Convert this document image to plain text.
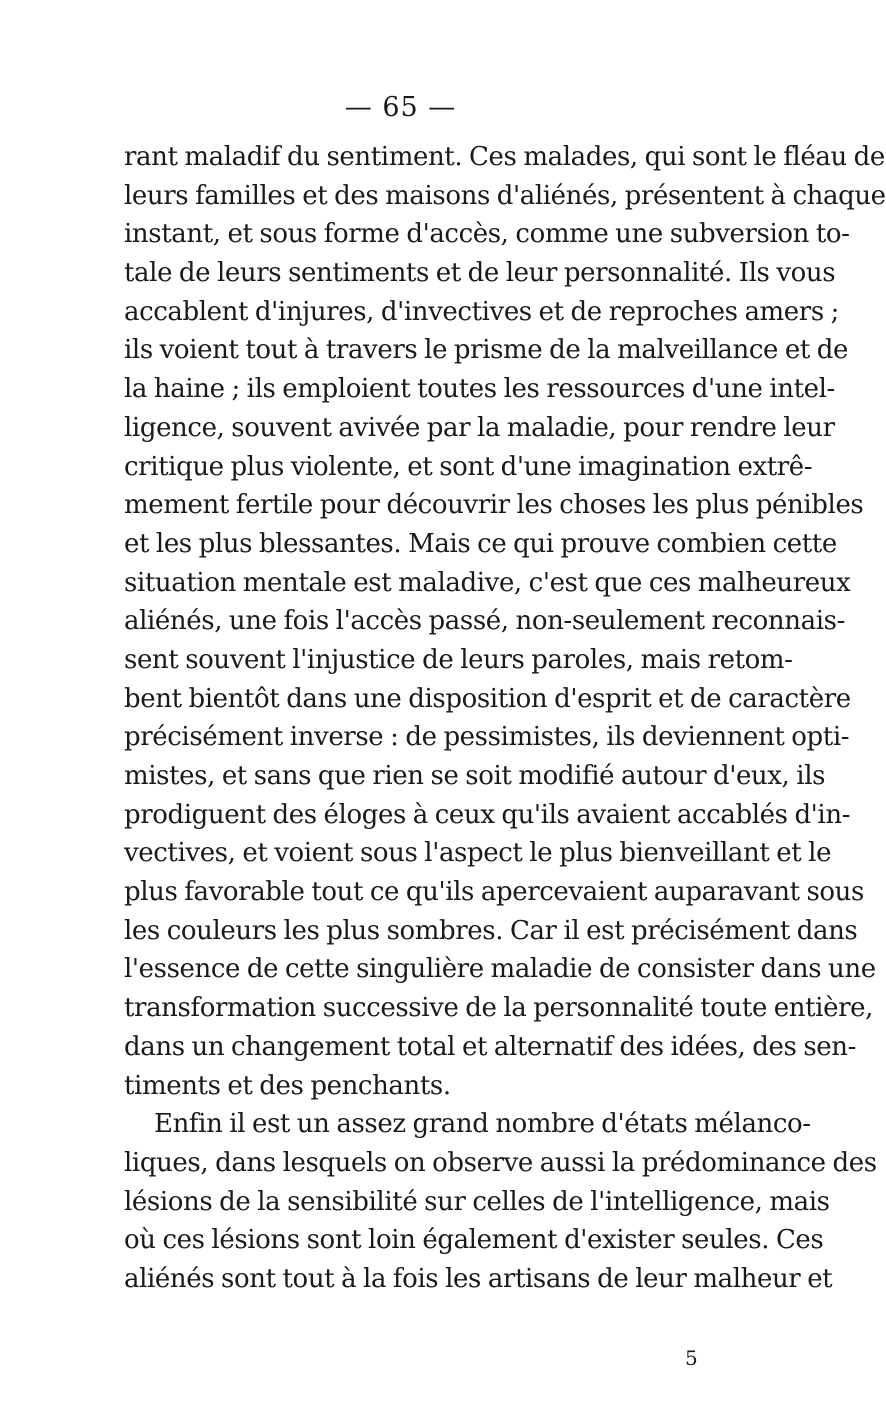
— 65 —
rant maladif du sentiment. Ces malades, qui sont le fléau de
leurs familles et des maisons d'aliénés, présentent à chaque
instant, et sous forme d'accès, comme une subversion to-
tale de leurs sentiments et de leur personnalité. Ils vous
accablent d'injures, d'invectives et de reproches amers ;
ils voient tout à travers le prisme de la malveillance et de
la haine ; ils emploient toutes les ressources d'une intel-
ligence, souvent avivée par la maladie, pour rendre leur
critique plus violente, et sont d'une imagination extrê-
mement fertile pour découvrir les choses les plus pénibles
et les plus blessantes. Mais ce qui prouve combien cette
situation mentale est maladive, c'est que ces malheureux
aliénés, une fois l'accès passé, non-seulement reconnais-
sent souvent l'injustice de leurs paroles, mais retom-
bent bientôt dans une disposition d'esprit et de caractère
précisément inverse : de pessimistes, ils deviennent opti-
mistes, et sans que rien se soit modifié autour d'eux, ils
prodiguent des éloges à ceux qu'ils avaient accablés d'in-
vectives, et voient sous l'aspect le plus bienveillant et le
plus favorable tout ce qu'ils apercevaient auparavant sous
les couleurs les plus sombres. Car il est précisément dans
l'essence de cette singulière maladie de consister dans une
transformation successive de la personnalité toute entière,
dans un changement total et alternatif des idées, des sen-
timents et des penchants.
Enfin il est un assez grand nombre d'états mélanco-
liques, dans lesquels on observe aussi la prédominance des
lésions de la sensibilité sur celles de l'intelligence, mais
où ces lésions sont loin également d'exister seules. Ces
aliénés sont tout à la fois les artisans de leur malheur et
5
